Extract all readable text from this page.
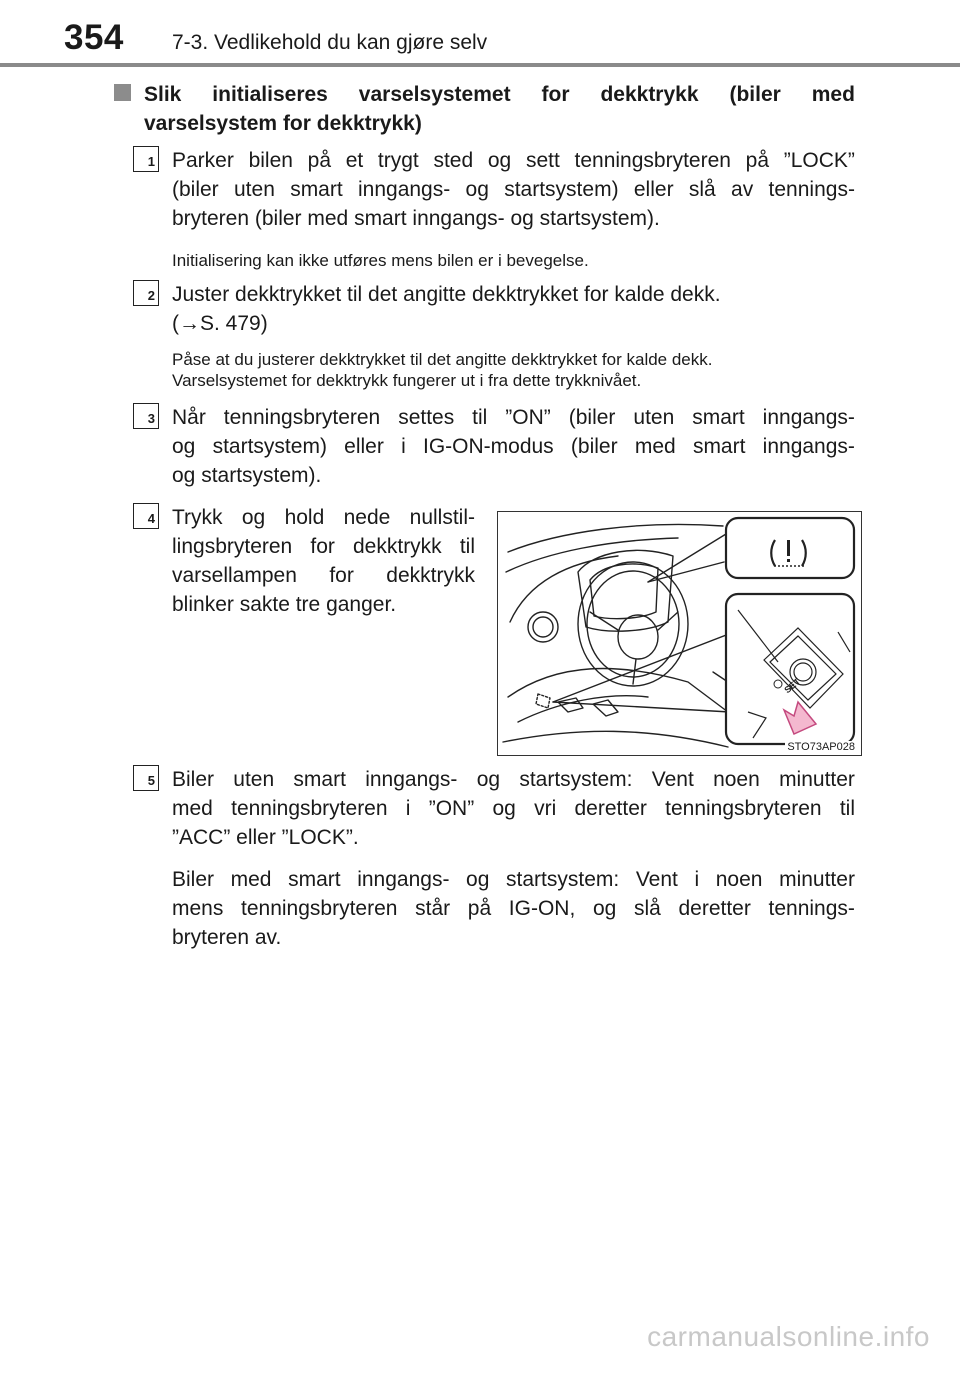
354 7-3. Vedlikehold du kan gjøre selv
Slik initialiseres varselsystemet for dekktrykk (biler med
varselsystem for dekktrykk)
1 Parker bilen på et trygt sted og sett tenningsbryteren på ”LOCK”
(biler uten smart inngangs- og startsystem) eller slå av tennings-
bryteren (biler med smart inngangs- og startsystem).
Initialisering kan ikke utføres mens bilen er i bevegelse.
2 Juster dekktrykket til det angitte dekktrykket for kalde dekk.
(→S. 479)
Påse at du justerer dekktrykket til det angitte dekktrykket for kalde dekk.
Varselsystemet for dekktrykk fungerer ut i fra dette trykknivået.
3 Når tenningsbryteren settes til ”ON” (biler uten smart inngangs-
og startsystem) eller i IG-ON-modus (biler med smart inngangs-
og startsystem).
4 Trykk og hold nede nullstil-
lingsbryteren for dekktrykk til
varsellampen for dekktrykk
blinker sakte tre ganger.
SET
STO73AP028
5 Biler uten smart inngangs- og startsystem: Vent noen minutter
med tenningsbryteren i ”ON” og vri deretter tenningsbryteren til
”ACC” eller ”LOCK”.
Biler med smart inngangs- og startsystem: Vent i noen minutter
mens tenningsbryteren står på IG-ON, og slå deretter tennings-
bryteren av.
carmanualsonline.info
